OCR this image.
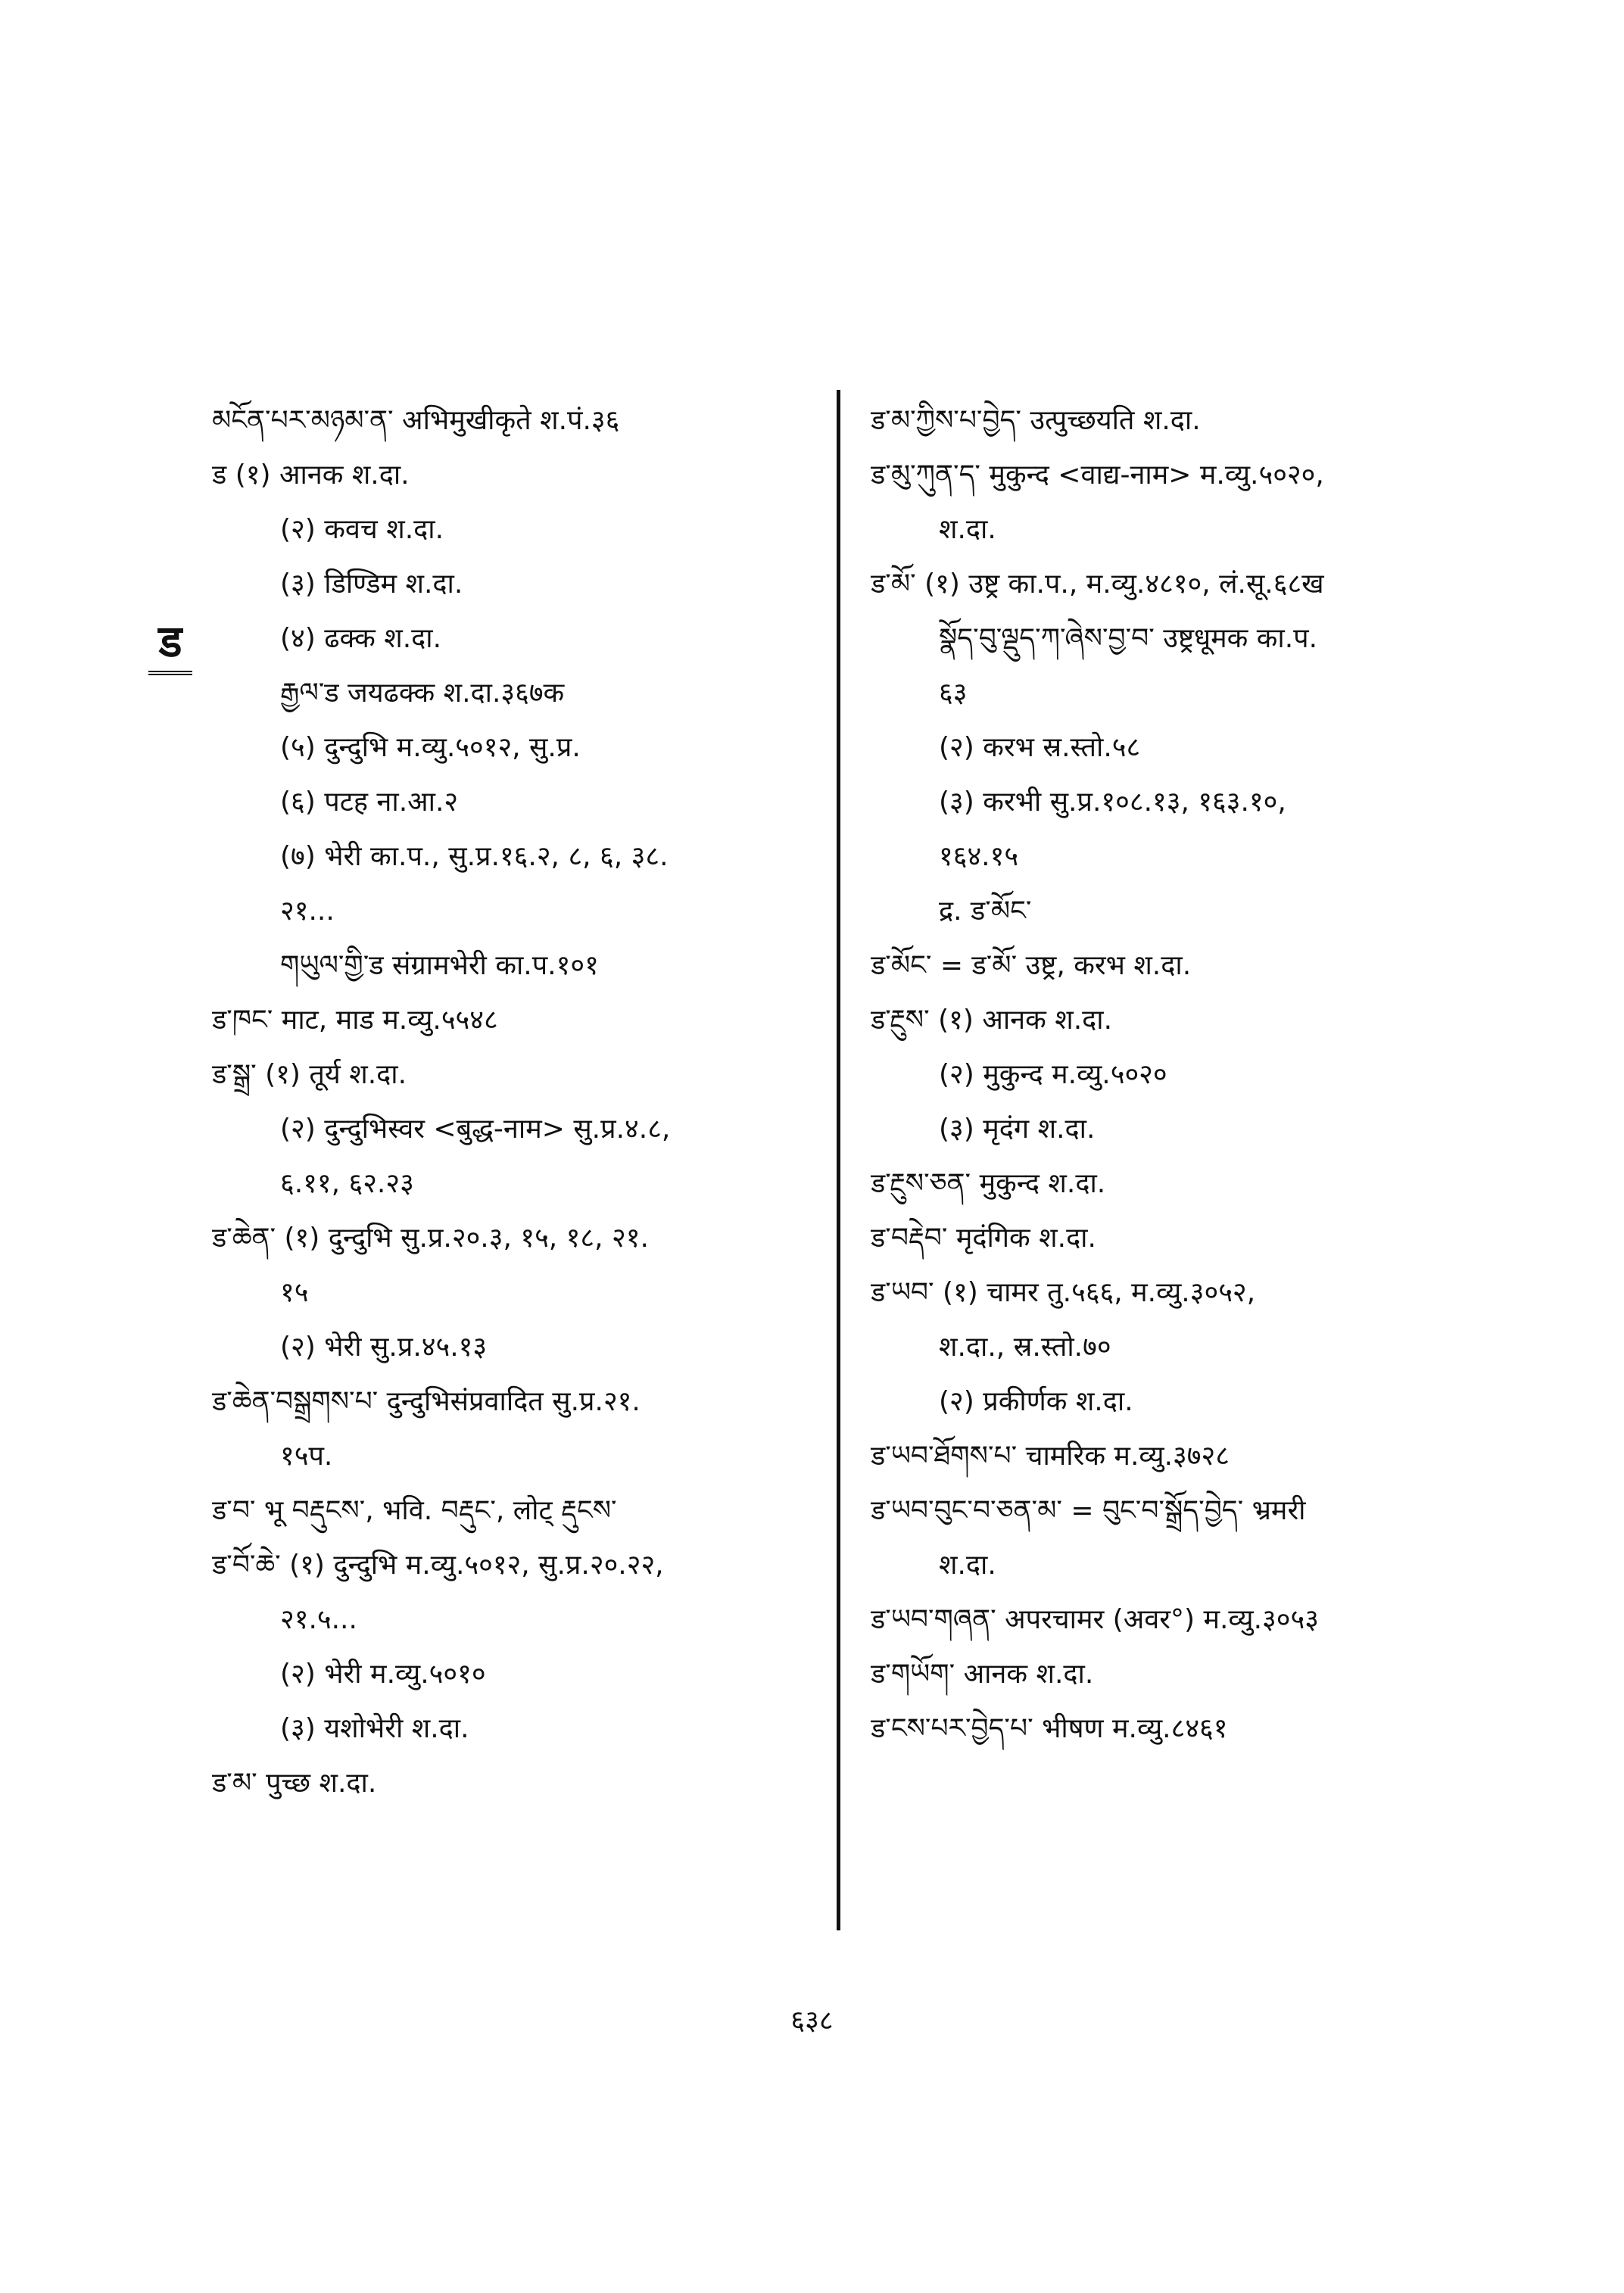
ड
མངོན་པར་མཉམ་ན་ अभिमुखीकृते श.पं.३६
ड (१) आनक श.दा.
(२) कवच श.दा.
(३) डिण्डिम श.दा.
(४) ढक्क श.दा.
རྒྱལ་ड जयढक्क श.दा.३६७क
(५) दुन्दुभि म.व्यु.५०१२, सु.प्र.
(६) पटह ना.आ.२
(७) भेरी का.प., सु.प्र.१६.२, ८, ६, ३८.
२१...
གཡུལ་གྱི་ड संग्रामभेरी का.प.१०१
ड་ཁང་ माट, माड म.व्यु.५५४८
ड་སྒྲ་ (१) तूर्य श.दा.
(२) दुन्दुभिस्वर <बुद्ध-नाम> सु.प्र.४.८,
६.११, ६२.२३
ड་ཆེན་ (१) दुन्दुभि सु.प्र.२०.३, १५, १८, २१.
१५
(२) भेरी सु.प्र.४५.१३
ड་ཆེན་བསྒྲགས་པ་ दुन्दुभिसंप्रवादित सु.प्र.२१.
१५प.
ड་བ་ भू བརྡུངས་, भवि. བརྡུང་, लोट् རྡུངས་
ड་བོ་ཆེ་ (१) दुन्दुभि म.व्यु.५०१२, सु.प्र.२०.२२,
२१.५...
(२) भेरी म.व्यु.५०१०
(३) यशोभेरी श.दा.
ड་མ་ पुच्छ श.दा.
ड་མ་ཀྱིས་པ་བྱེད་ उत्पुच्छयति श.दा.
ड་མུ་ཀུན་ད་ मुकुन्द <वाद्य-नाम> म.व्यु.५०२०,
श.दा.
ड་མོ་ (१) उष्ट्र का.प., म.व्यु.४८१०, लं.सू.६८ख
སྣོད་བུ་ལྡུད་ཀ་ཞེས་བྱ་བ་ उष्ट्रधूमक का.प.
६३
(२) करभ स्र.स्तो.५८
(३) करभी सु.प्र.१०८.१३, १६३.१०,
१६४.१५
द्र. ड་མོང་
ड་མོང་ = ड་མོ་ उष्ट्र, करभ श.दा.
ड་རྔུས་ (१) आनक श.दा.
(२) मुकुन्द म.व्यु.५०२०
(३) मृदंग श.दा.
ड་རྔུས་ཅན་ मुकुन्द श.दा.
ड་བརྡེབ་ मृदंगिक श.दा.
ड་ཡབ་ (१) चामर तु.५६६, म.व्यु.३०५२,
श.दा., स्र.स्तो.७०
(२) प्रकीर्णक श.दा.
ड་ཡབ་ཐོགས་པ་ चामरिक म.व्यु.३७२८
ड་ཡབ་བུང་བ་ཅན་མ་ = བུང་བ་སྒྲོད་བྱེད་ भ्रमरी
श.दा.
ड་ཡབ་གཞན་ अपरचामर (अवर°) म.व्यु.३०५३
ड་གཡོག་ आनक श.दा.
ड་ངས་པར་བྱེད་པ་ भीषण म.व्यु.८४६१
६३८
